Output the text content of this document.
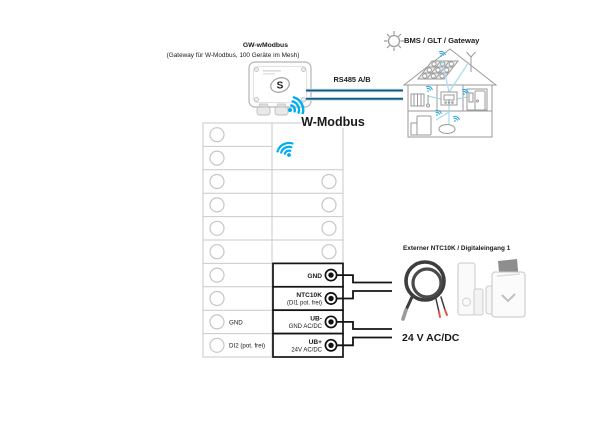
GND
NTC10K
(DI1 pot. frei)
UB-
GND AC/DC
UB+
24V AC/DC
GND
DI2 (pot. frei)
S
GW-wModbus
(Gateway für W-Modbus, 100 Geräte im Mesh)
BMS / GLT / Gateway
RS485 A/B
W-Modbus
Externer NTC10K / Digitaleingang 1
24 V AC/DC
